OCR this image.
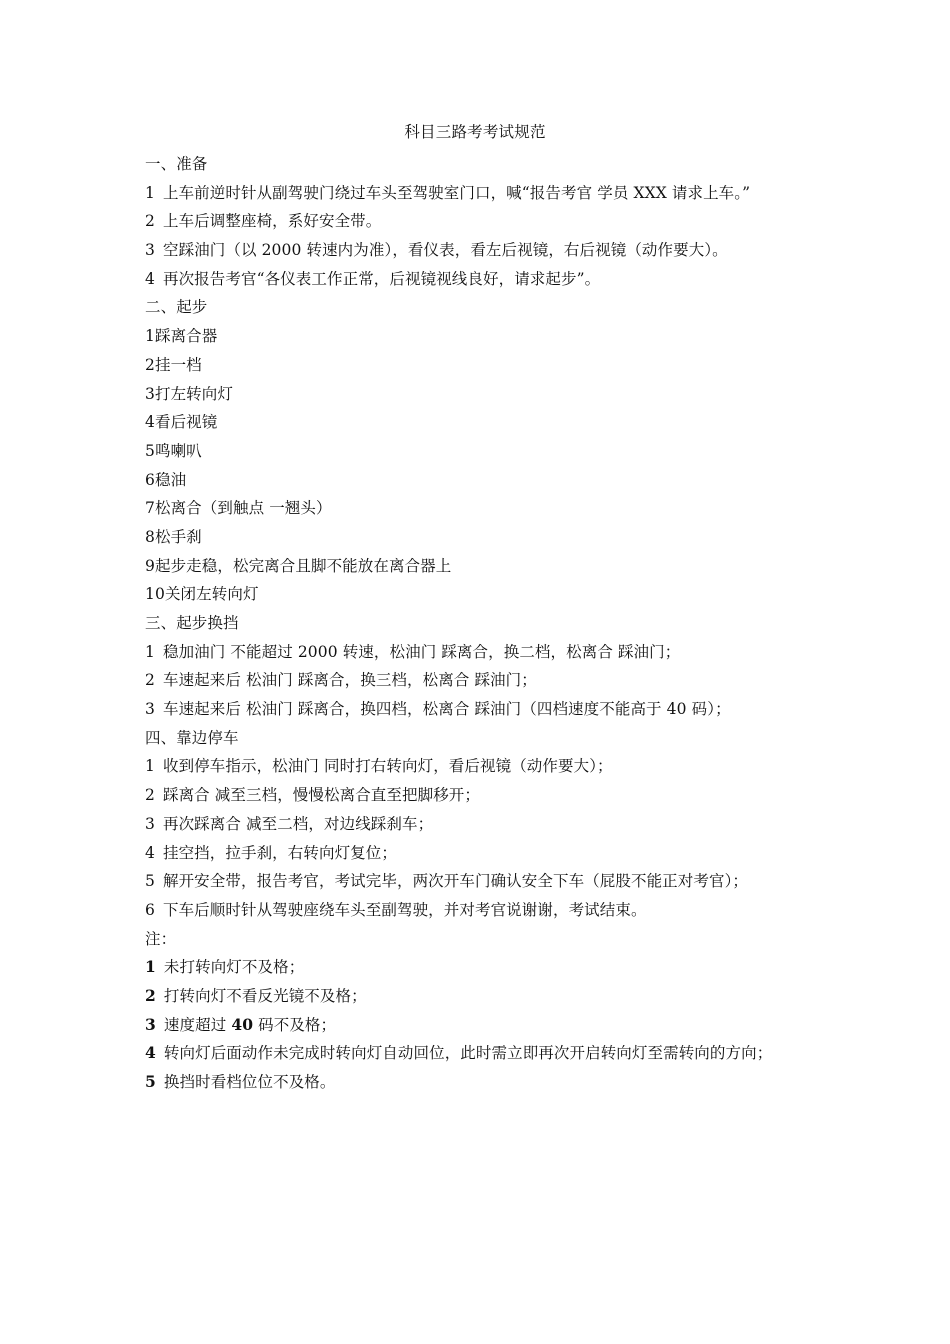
科目三路考考试规范
一、准备
1 上车前逆时针从副驾驶门绕过车头至驾驶室门口，喊“报告考官 学员 XXX 请求上车。”
2 上车后调整座椅，系好安全带。
3 空踩油门（以 2000 转速内为准），看仪表，看左后视镜，右后视镜（动作要大）。
4 再次报告考官“各仪表工作正常，后视镜视线良好，请求起步”。
二、起步
1踩离合器
2挂一档
3打左转向灯
4看后视镜
5鸣喇叭
6稳油
7松离合（到触点 一翘头）
8松手刹
9起步走稳，松完离合且脚不能放在离合器上
10关闭左转向灯
三、起步换挡
1 稳加油门 不能超过 2000 转速，松油门 踩离合，换二档，松离合 踩油门；
2 车速起来后 松油门 踩离合，换三档，松离合 踩油门；
3 车速起来后 松油门 踩离合，换四档，松离合 踩油门（四档速度不能高于 40 码）；
四、靠边停车
1 收到停车指示，松油门 同时打右转向灯，看后视镜（动作要大）；
2 踩离合 减至三档，慢慢松离合直至把脚移开；
3 再次踩离合 减至二档，对边线踩刹车；
4 挂空挡，拉手刹，右转向灯复位；
5 解开安全带，报告考官，考试完毕，两次开车门确认安全下车（屁股不能正对考官）；
6 下车后顺时针从驾驶座绕车头至副驾驶，并对考官说谢谢，考试结束。
注：
1 未打转向灯不及格；
2 打转向灯不看反光镜不及格；
3 速度超过 40 码不及格；
4 转向灯后面动作未完成时转向灯自动回位，此时需立即再次开启转向灯至需转向的方向；
5 换挡时看档位位不及格。
